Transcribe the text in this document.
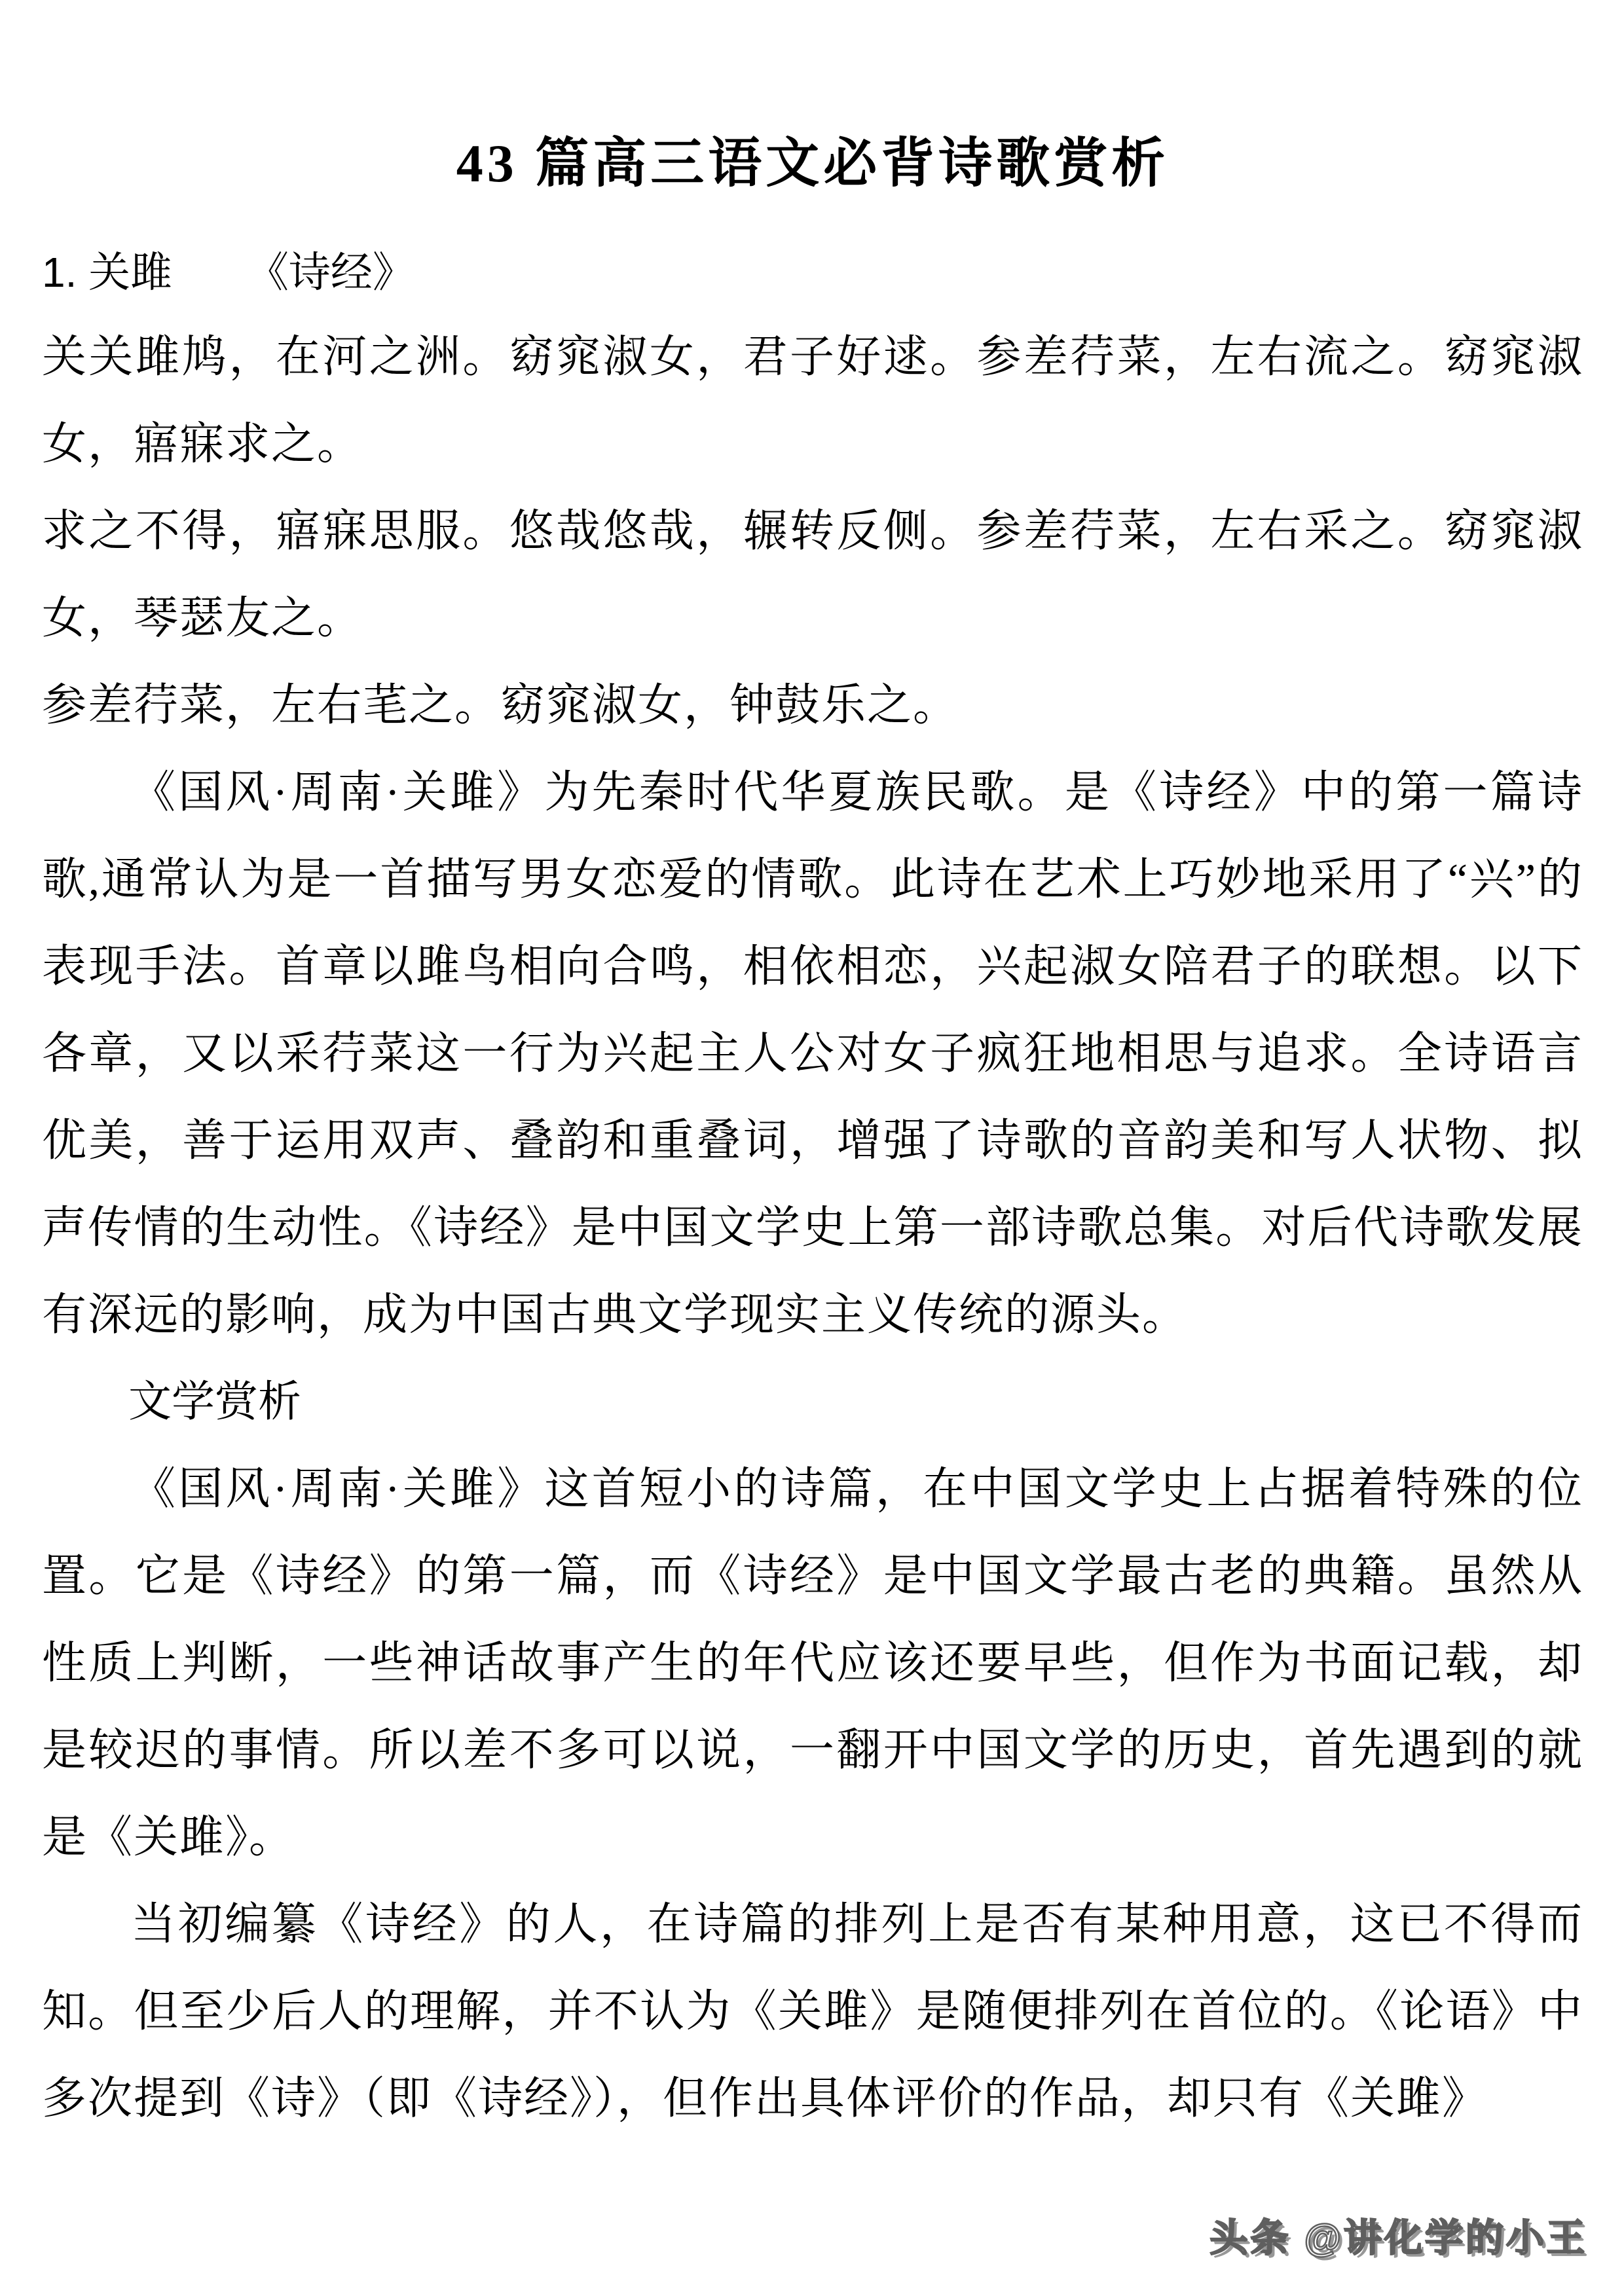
43 篇高三语文必背诗歌赏析
1. 关雎 《诗经》

关关雎鸠，在河之洲。窈窕淑女，君子好逑。参差荇菜，左右流之。窈窕淑女，寤寐求之。

求之不得，寤寐思服。悠哉悠哉，辗转反侧。参差荇菜，左右采之。窈窕淑女，琴瑟友之。

参差荇菜，左右芼之。窈窕淑女，钟鼓乐之。

《国风·周南·关雎》为先秦时代华夏族民歌。是《诗经》中的第一篇诗歌,通常认为是一首描写男女恋爱的情歌。此诗在艺术上巧妙地采用了“兴”的表现手法。首章以雎鸟相向合鸣，相依相恋，兴起淑女陪君子的联想。以下各章，又以采荇菜这一行为兴起主人公对女子疯狂地相思与追求。全诗语言优美，善于运用双声、叠韵和重叠词，增强了诗歌的音韵美和写人状物、拟声传情的生动性。《诗经》是中国文学史上第一部诗歌总集。对后代诗歌发展有深远的影响，成为中国古典文学现实主义传统的源头。

文学赏析

《国风·周南·关雎》这首短小的诗篇，在中国文学史上占据着特殊的位置。它是《诗经》的第一篇，而《诗经》是中国文学最古老的典籍。虽然从性质上判断，一些神话故事产生的年代应该还要早些，但作为书面记载，却是较迟的事情。所以差不多可以说，一翻开中国文学的历史，首先遇到的就是《关雎》。

当初编纂《诗经》的人，在诗篇的排列上是否有某种用意，这已不得而知。但至少后人的理解，并不认为《关雎》是随便排列在首位的。《论语》中多次提到《诗》（即《诗经》），但作出具体评价的作品，却只有《关雎》

头条 @讲化学的小王
